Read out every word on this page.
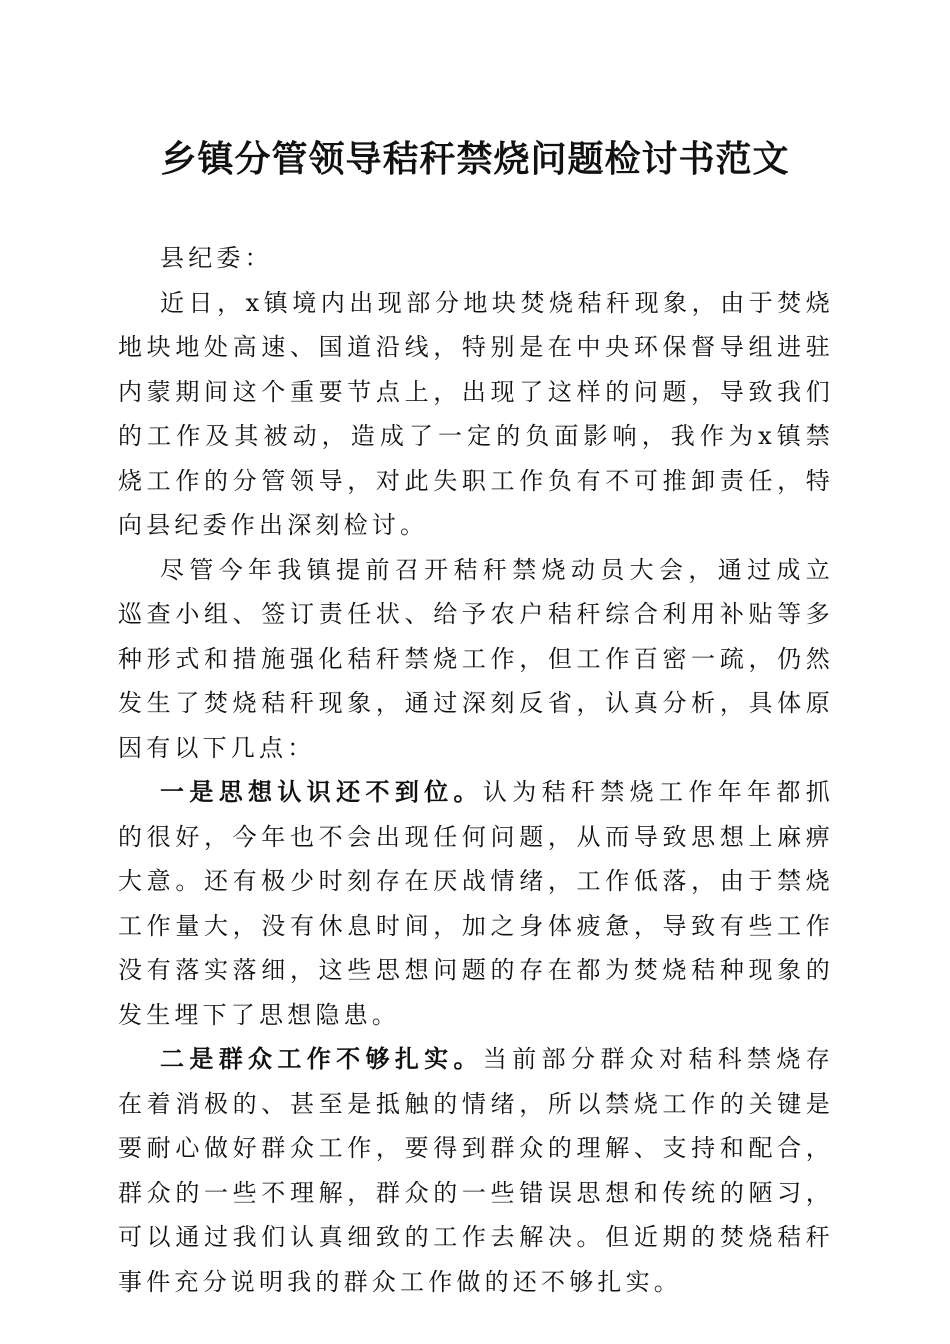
乡镇分管领导秸秆禁烧问题检讨书范文

县纪委：

近日，x镇境内出现部分地块焚烧秸秆现象，由于焚烧地块地处高速、国道沿线，特别是在中央环保督导组进驻内蒙期间这个重要节点上，出现了这样的问题，导致我们的工作及其被动，造成了一定的负面影响，我作为x镇禁烧工作的分管领导，对此失职工作负有不可推卸责任，特向县纪委作出深刻检讨。

尽管今年我镇提前召开秸秆禁烧动员大会，通过成立巡查小组、签订责任状、给予农户秸秆综合利用补贴等多种形式和措施强化秸秆禁烧工作，但工作百密一疏，仍然发生了焚烧秸秆现象，通过深刻反省，认真分析，具体原因有以下几点：

一是思想认识还不到位。认为秸秆禁烧工作年年都抓的很好，今年也不会出现任何问题，从而导致思想上麻痹大意。还有极少时刻存在厌战情绪，工作低落，由于禁烧工作量大，没有休息时间，加之身体疲惫，导致有些工作没有落实落细，这些思想问题的存在都为焚烧秸种现象的发生埋下了思想隐患。

二是群众工作不够扎实。当前部分群众对秸科禁烧存在着消极的、甚至是抵触的情绪，所以禁烧工作的关键是要耐心做好群众工作，要得到群众的理解、支持和配合，群众的一些不理解，群众的一些错误思想和传统的陋习，可以通过我们认真细致的工作去解决。但近期的焚烧秸秆事件充分说明我的群众工作做的还不够扎实。
